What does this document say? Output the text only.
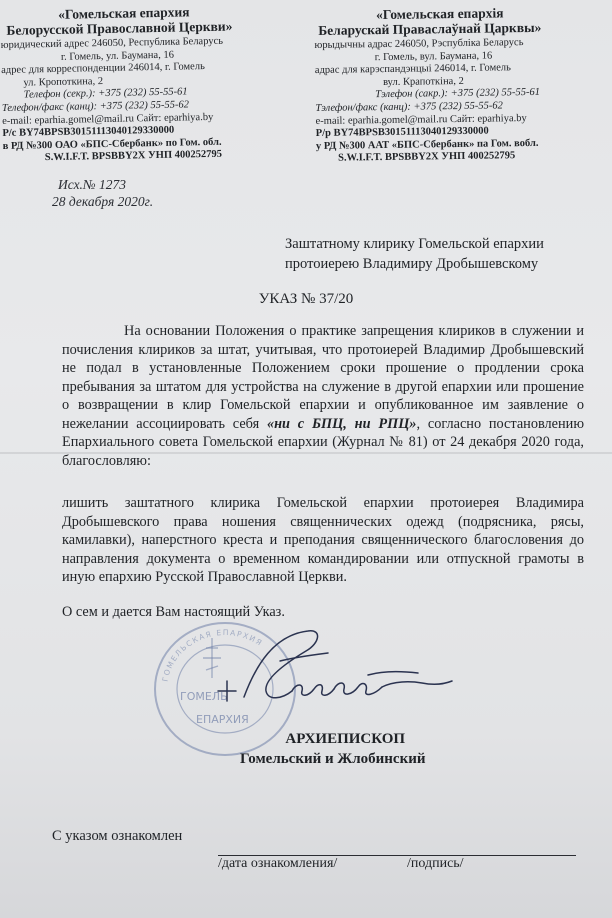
«Гомельская епархия
Белорусской Православной Церкви»
юридический адрес 246050, Республика Беларусь
г. Гомель, ул. Баумана, 16
адрес для корреспонденции 246014, г. Гомель
ул. Кропоткина, 2
Телефон (секр.): +375 (232) 55-55-61
Телефон/факс (канц): +375 (232) 55-55-62
e-mail: eparhia.gomel@mail.ru Сайт: eparhiya.by
Р/с BY74BPSB30151113040129330000
в РД №300 ОАО «БПС-Сбербанк» по Гом. обл.
S.W.I.F.T. BPSBBY2X УНП 400252795
«Гомельская епархія
Беларускай Праваслаўнай Царквы»
юрыдычны адрас 246050, Рэспубліка Беларусь
г. Гомель, вул. Баумана, 16
адрас для карэспандэнцыі 246014, г. Гомель
вул. Крапоткіна, 2
Тэлефон (сакр.): +375 (232) 55-55-61
Тэлефон/факс (канц): +375 (232) 55-55-62
e-mail: eparhia.gomel@mail.ru Сайт: eparhiya.by
Р/р BY74BPSB30151113040129330000
у РД №300 ААТ «БПС-Сбербанк» па Гом. вобл.
S.W.I.F.T. BPSBBY2X УНП 400252795
Исх.№ 1273
28 декабря 2020г.
Заштатному клирику Гомельской епархии
протоиерею Владимиру Дробышевскому
УКАЗ № 37/20
На основании Положения о практике запрещения клириков в служении и почисления клириков за штат, учитывая, что протоиерей Владимир Дробышевский не подал в установленные Положением сроки прошение о продлении срока пребывания за штатом для устройства на служение в другой епархии или прошение о возвращении в клир Гомельской епархии и опубликованное им заявление о нежелании ассоциировать себя «ни с БПЦ, ни РПЦ», согласно постановлению Епархиального совета Гомельской епархии (Журнал № 81) от 24 декабря 2020 года, благословляю:
лишить заштатного клирика Гомельской епархии протоиерея Владимира Дробышевского права ношения священнических одежд (подрясника, рясы, камилавки), наперстного креста и преподания священнического благословения до направления документа о временном командировании или отпускной грамоты в иную епархию Русской Православной Церкви.
О сем и дается Вам настоящий Указ.
ГОМЕЛЬСКАЯ ЕПАРХИЯ
ГОМЕЛЬ
ЕПАРХИЯ
АРХИЕПИСКОП
Гомельский и Жлобинский
С указом ознакомлен
/дата ознакомления/	/подпись/
